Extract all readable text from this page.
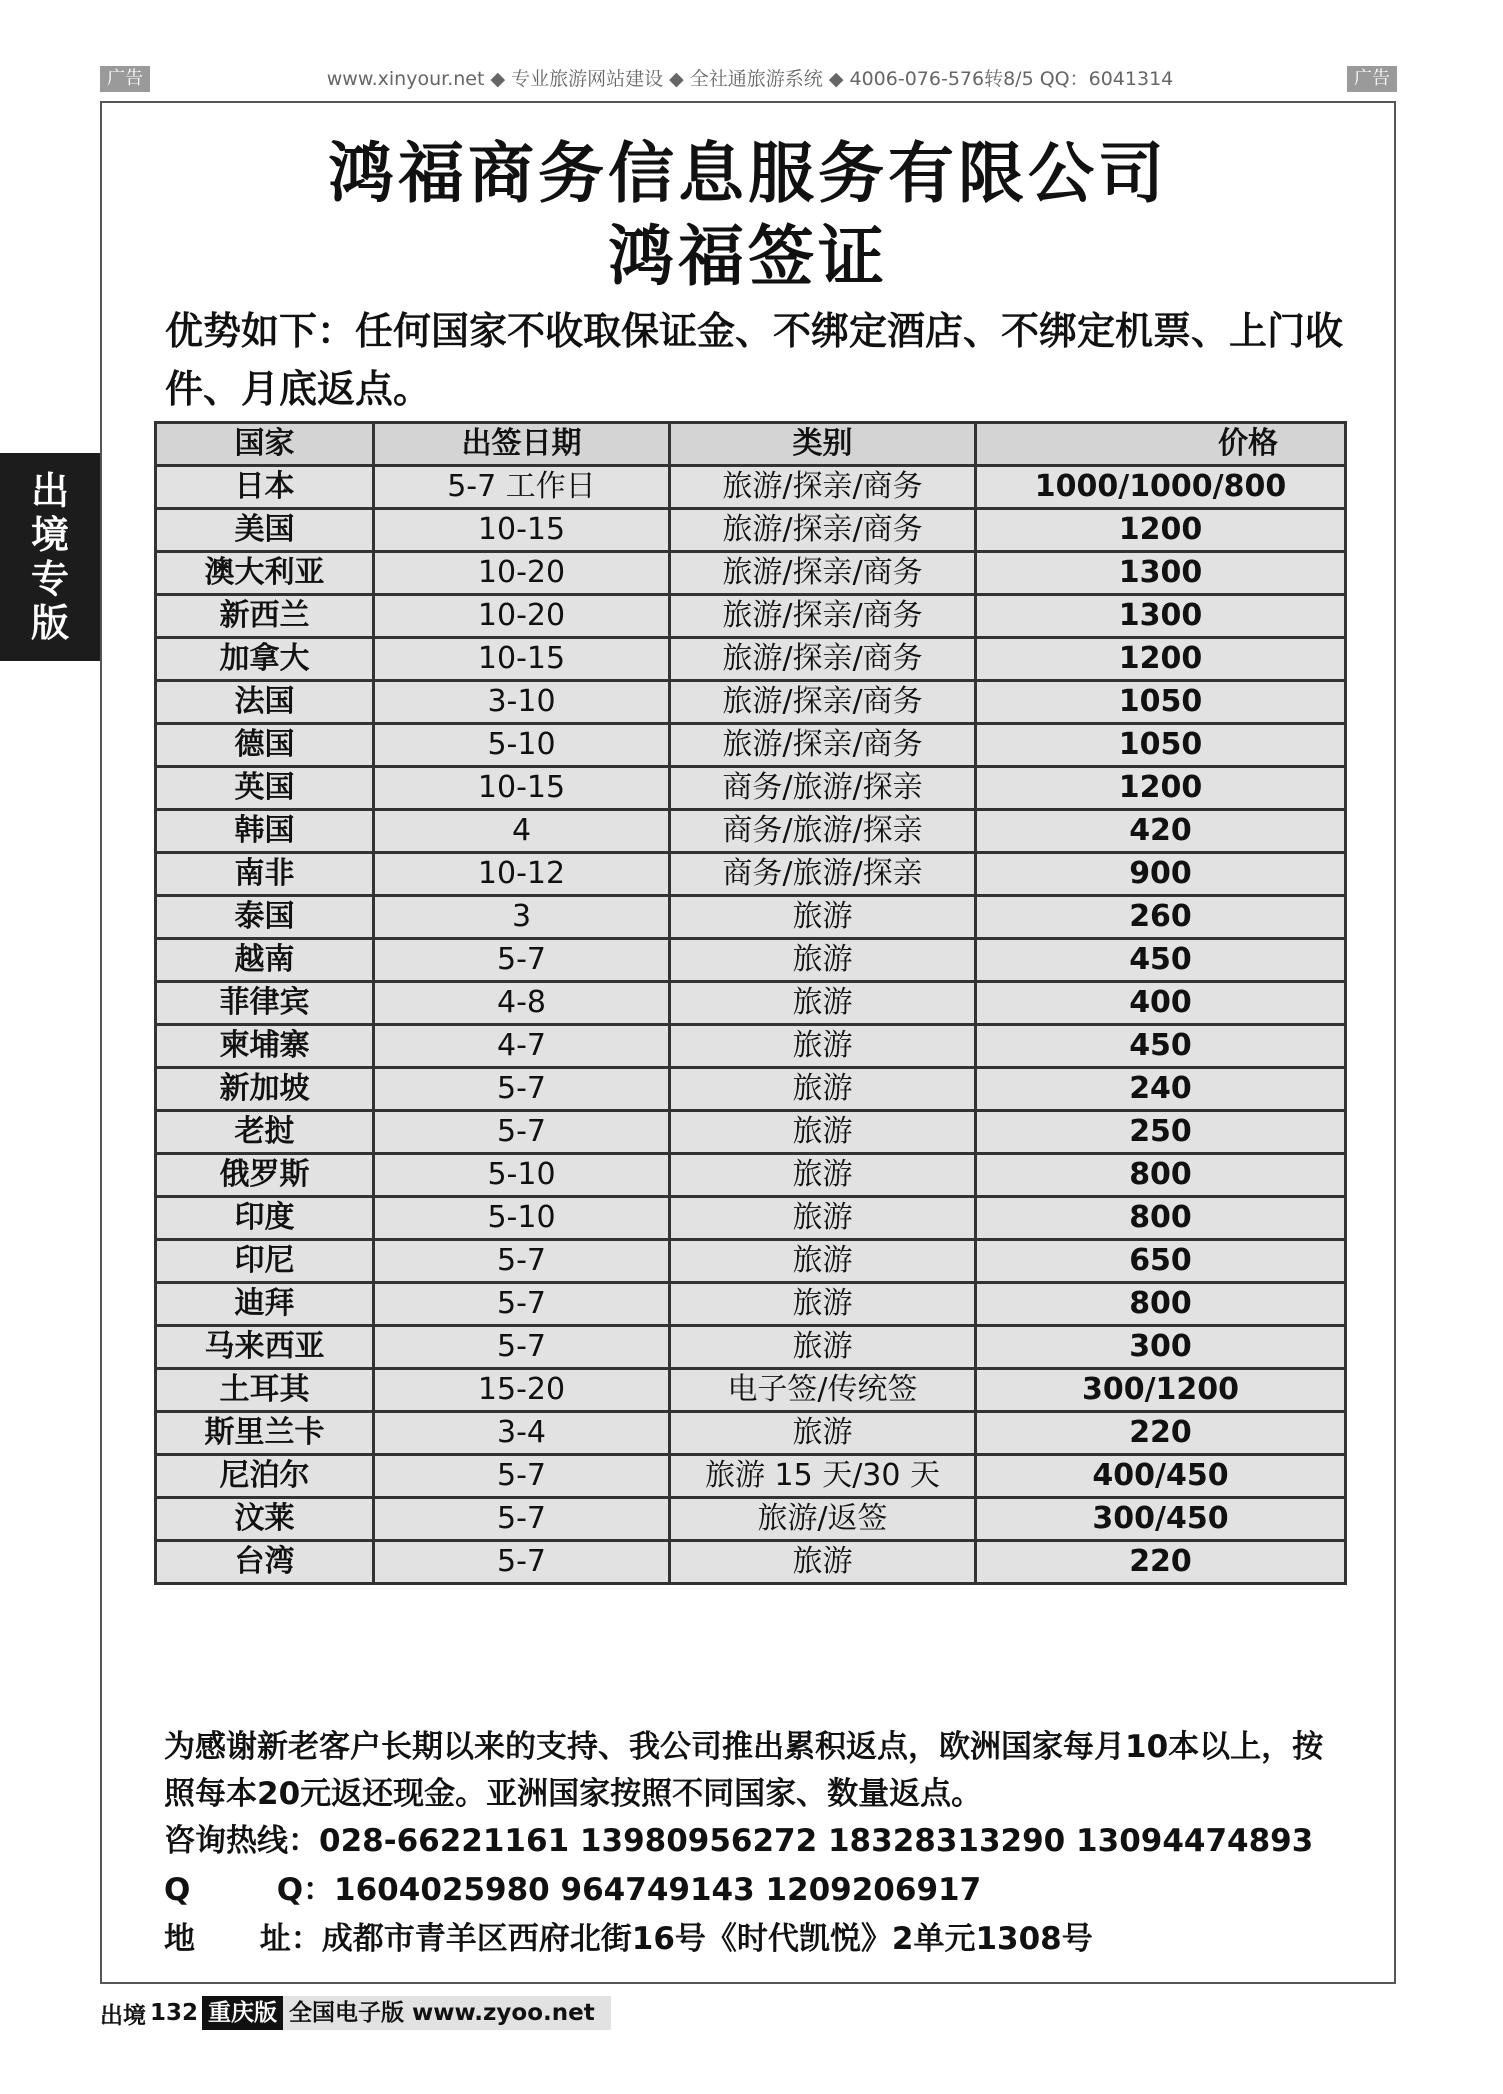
广告	www.xinyour.net ◆ 专业旅游网站建设 ◆ 全社通旅游系统 ◆ 4006-076-576转8/5 QQ：6041314	广告
出
境
专
版
鸿福商务信息服务有限公司
鸿福签证
优势如下：任何国家不收取保证金、不绑定酒店、不绑定机票、上门收件、月底返点。
国家	出签日期	类别	价格
日本	5-7 工作日	旅游/探亲/商务	1000/1000/800
美国	10-15	旅游/探亲/商务	1200
澳大利亚	10-20	旅游/探亲/商务	1300
新西兰	10-20	旅游/探亲/商务	1300
加拿大	10-15	旅游/探亲/商务	1200
法国	3-10	旅游/探亲/商务	1050
德国	5-10	旅游/探亲/商务	1050
英国	10-15	商务/旅游/探亲	1200
韩国	4	商务/旅游/探亲	420
南非	10-12	商务/旅游/探亲	900
泰国	3	旅游	260
越南	5-7	旅游	450
菲律宾	4-8	旅游	400
柬埔寨	4-7	旅游	450
新加坡	5-7	旅游	240
老挝	5-7	旅游	250
俄罗斯	5-10	旅游	800
印度	5-10	旅游	800
印尼	5-7	旅游	650
迪拜	5-7	旅游	800
马来西亚	5-7	旅游	300
土耳其	15-20	电子签/传统签	300/1200
斯里兰卡	3-4	旅游	220
尼泊尔	5-7	旅游 15 天/30 天	400/450
汶莱	5-7	旅游/返签	300/450
台湾	5-7	旅游	220
为感谢新老客户长期以来的支持、我公司推出累积返点，欧洲国家每月10本以上，按照每本20元返还现金。亚洲国家按照不同国家、数量返点。
咨询热线：028-66221161 13980956272 18328313290 13094474893
Q        Q：1604025980 964749143 1209206917
地      址：成都市青羊区西府北街16号《时代凯悦》2单元1308号
出境 132 重庆版 全国电子版 www.zyoo.net
